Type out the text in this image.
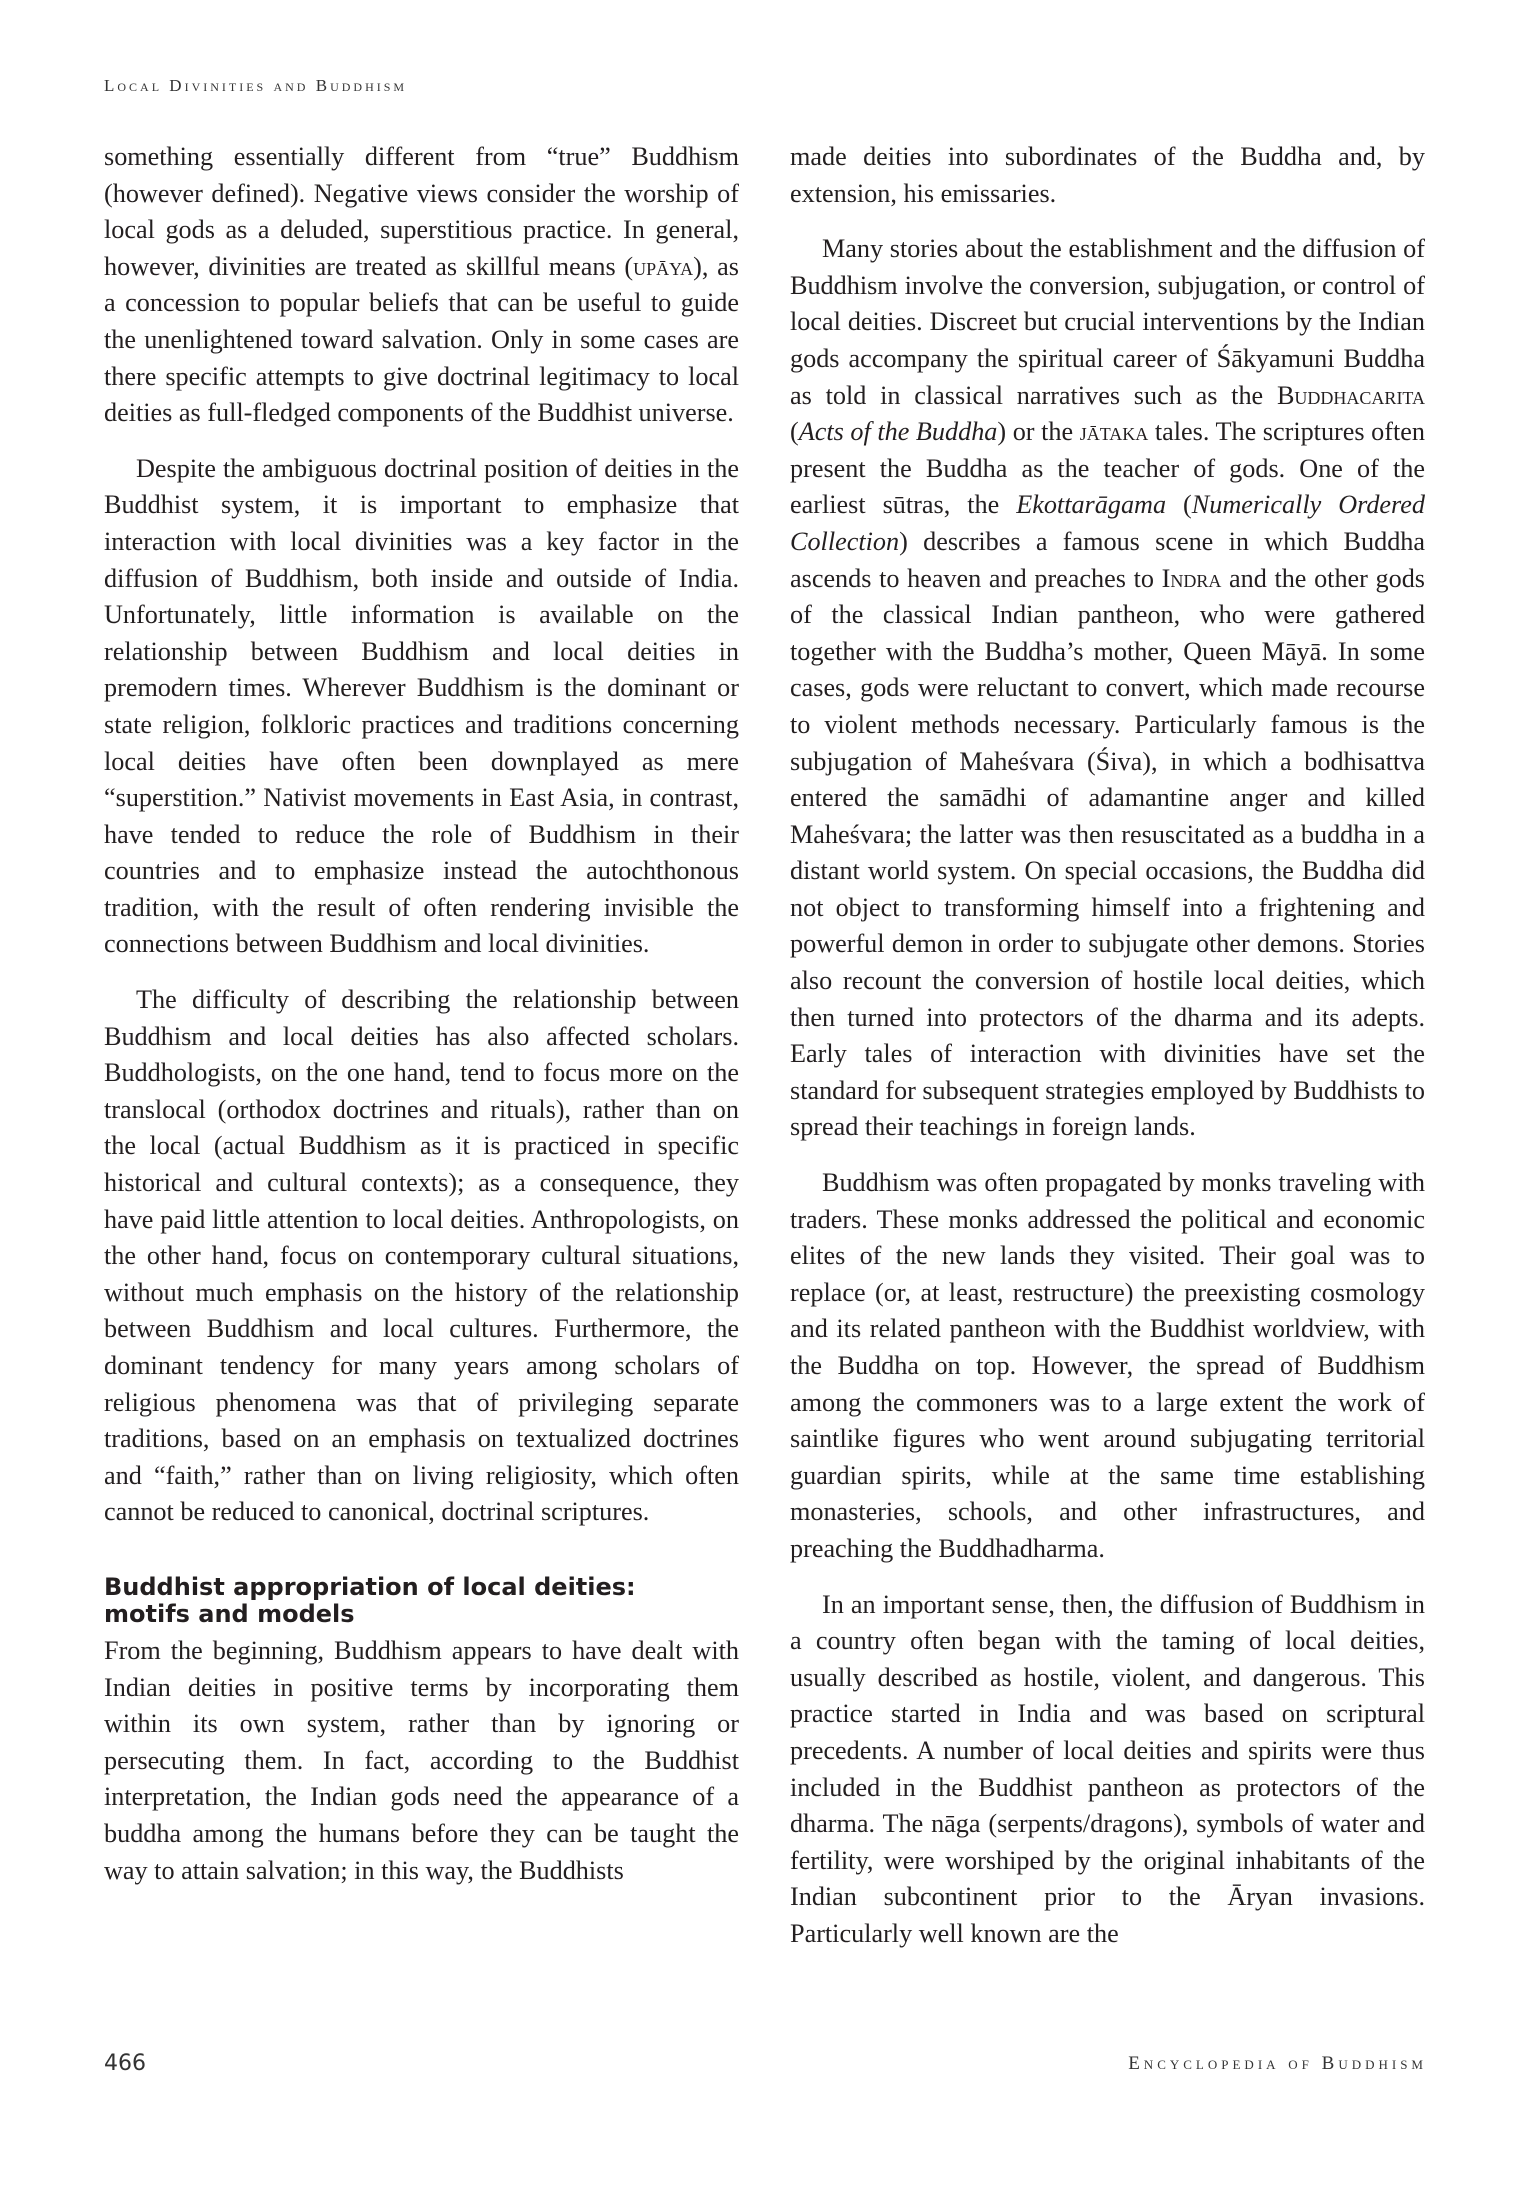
Local Divinities and Buddhism

something essentially different from “true” Buddhism (however defined). Negative views consider the worship of local gods as a deluded, superstitious practice. In general, however, divinities are treated as skillful means (upāya), as a concession to popular beliefs that can be useful to guide the unenlightened toward salvation. Only in some cases are there specific attempts to give doctrinal legitimacy to local deities as full-fledged components of the Buddhist universe.

Despite the ambiguous doctrinal position of deities in the Buddhist system, it is important to emphasize that interaction with local divinities was a key factor in the diffusion of Buddhism, both inside and outside of India. Unfortunately, little information is available on the relationship between Buddhism and local deities in premodern times. Wherever Buddhism is the dominant or state religion, folkloric practices and traditions concerning local deities have often been downplayed as mere “superstition.” Nativist movements in East Asia, in contrast, have tended to reduce the role of Buddhism in their countries and to emphasize instead the autochthonous tradition, with the result of often rendering invisible the connections between Buddhism and local divinities.

The difficulty of describing the relationship between Buddhism and local deities has also affected scholars. Buddhologists, on the one hand, tend to focus more on the translocal (orthodox doctrines and rituals), rather than on the local (actual Buddhism as it is practiced in specific historical and cultural contexts); as a consequence, they have paid little attention to local deities. Anthropologists, on the other hand, focus on contemporary cultural situations, without much emphasis on the history of the relationship between Buddhism and local cultures. Furthermore, the dominant tendency for many years among scholars of religious phenomena was that of privileging separate traditions, based on an emphasis on textualized doctrines and “faith,” rather than on living religiosity, which often cannot be reduced to canonical, doctrinal scriptures.

Buddhist appropriation of local deities:
motifs and models

From the beginning, Buddhism appears to have dealt with Indian deities in positive terms by incorporating them within its own system, rather than by ignoring or persecuting them. In fact, according to the Buddhist interpretation, the Indian gods need the appearance of a buddha among the humans before they can be taught the way to attain salvation; in this way, the Buddhists

made deities into subordinates of the Buddha and, by extension, his emissaries.

Many stories about the establishment and the diffusion of Buddhism involve the conversion, subjugation, or control of local deities. Discreet but crucial interventions by the Indian gods accompany the spiritual career of Śākyamuni Buddha as told in classical narratives such as the Buddhacarita (Acts of the Buddha) or the jātaka tales. The scriptures often present the Buddha as the teacher of gods. One of the earliest sūtras, the Ekottarāgama (Numerically Ordered Collection) describes a famous scene in which Buddha ascends to heaven and preaches to Indra and the other gods of the classical Indian pantheon, who were gathered together with the Buddha’s mother, Queen Māyā. In some cases, gods were reluctant to convert, which made recourse to violent methods necessary. Particularly famous is the subjugation of Maheśvara (Śiva), in which a bodhisattva entered the samādhi of adamantine anger and killed Maheśvara; the latter was then resuscitated as a buddha in a distant world system. On special occasions, the Buddha did not object to transforming himself into a frightening and powerful demon in order to subjugate other demons. Stories also recount the conversion of hostile local deities, which then turned into protectors of the dharma and its adepts. Early tales of interaction with divinities have set the standard for subsequent strategies employed by Buddhists to spread their teachings in foreign lands.

Buddhism was often propagated by monks traveling with traders. These monks addressed the political and economic elites of the new lands they visited. Their goal was to replace (or, at least, restructure) the preexisting cosmology and its related pantheon with the Buddhist worldview, with the Buddha on top. However, the spread of Buddhism among the commoners was to a large extent the work of saintlike figures who went around subjugating territorial guardian spirits, while at the same time establishing monasteries, schools, and other infrastructures, and preaching the Buddhadharma.

In an important sense, then, the diffusion of Buddhism in a country often began with the taming of local deities, usually described as hostile, violent, and dangerous. This practice started in India and was based on scriptural precedents. A number of local deities and spirits were thus included in the Buddhist pantheon as protectors of the dharma. The nāga (serpents/dragons), symbols of water and fertility, were worshiped by the original inhabitants of the Indian subcontinent prior to the Āryan invasions. Particularly well known are the

466	Encyclopedia of Buddhism
